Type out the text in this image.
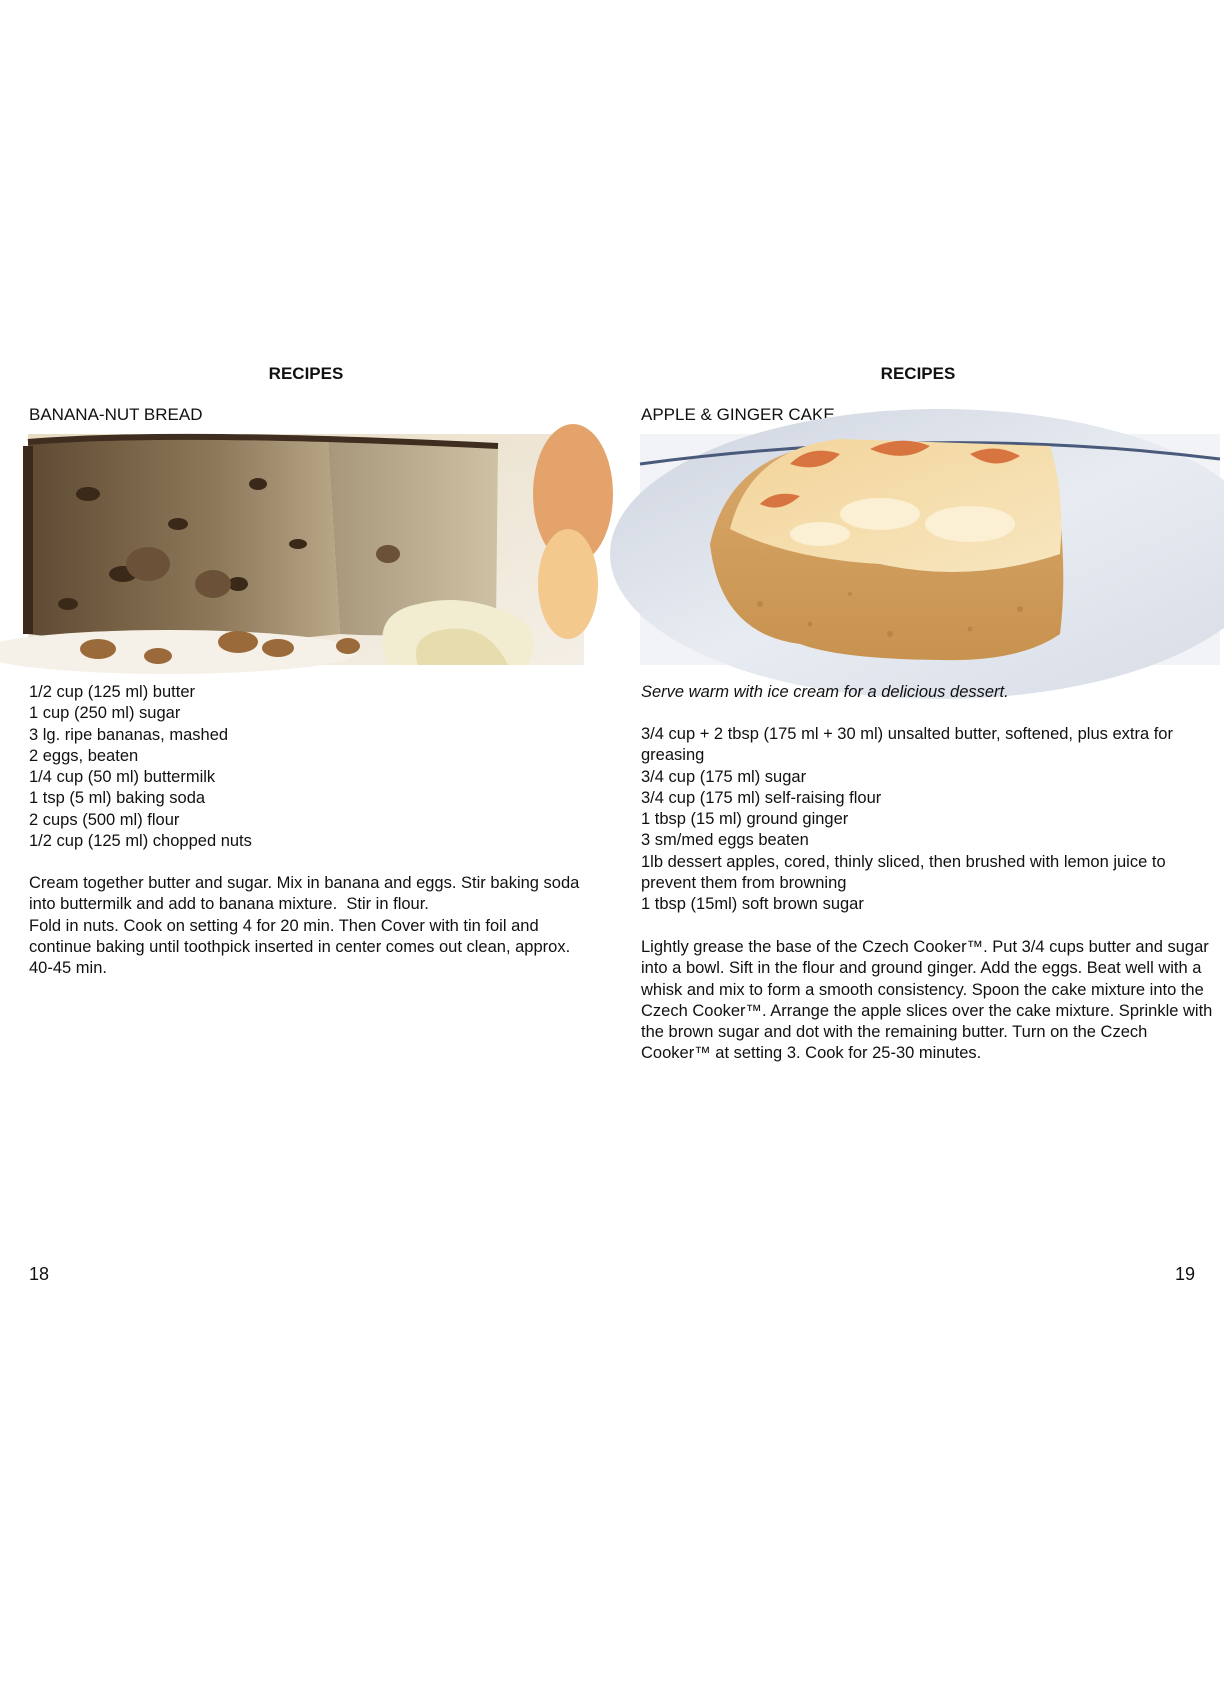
RECIPES
BANANA-NUT BREAD
1/2 cup (125 ml) butter
1 cup (250 ml) sugar
3 lg. ripe bananas, mashed
2 eggs, beaten
1/4 cup (50 ml) buttermilk
1 tsp (5 ml) baking soda
2 cups (500 ml) flour
1/2 cup (125 ml) chopped nuts
Cream together butter and sugar. Mix in banana and eggs. Stir baking soda into buttermilk and add to banana mixture.  Stir in flour.
Fold in nuts. Cook on setting 4 for 20 min. Then Cover with tin foil and continue baking until toothpick inserted in center comes out clean, approx. 40-45 min.
18
RECIPES
APPLE & GINGER CAKE
Serve warm with ice cream for a delicious dessert.
3/4 cup + 2 tbsp (175 ml + 30 ml) unsalted butter, softened, plus extra for greasing
3/4 cup (175 ml) sugar
3/4 cup (175 ml) self-raising flour
1 tbsp (15 ml) ground ginger
3 sm/med eggs beaten
1lb dessert apples, cored, thinly sliced, then brushed with lemon juice to prevent them from browning
1 tbsp (15ml) soft brown sugar
Lightly grease the base of the Czech Cooker™. Put 3/4 cups butter and sugar into a bowl. Sift in the flour and ground ginger. Add the eggs. Beat well with a whisk and mix to form a smooth consistency. Spoon the cake mixture into the Czech Cooker™. Arrange the apple slices over the cake mixture. Sprinkle with the brown sugar and dot with the remaining butter. Turn on the Czech Cooker™ at setting 3. Cook for 25-30 minutes.
19
